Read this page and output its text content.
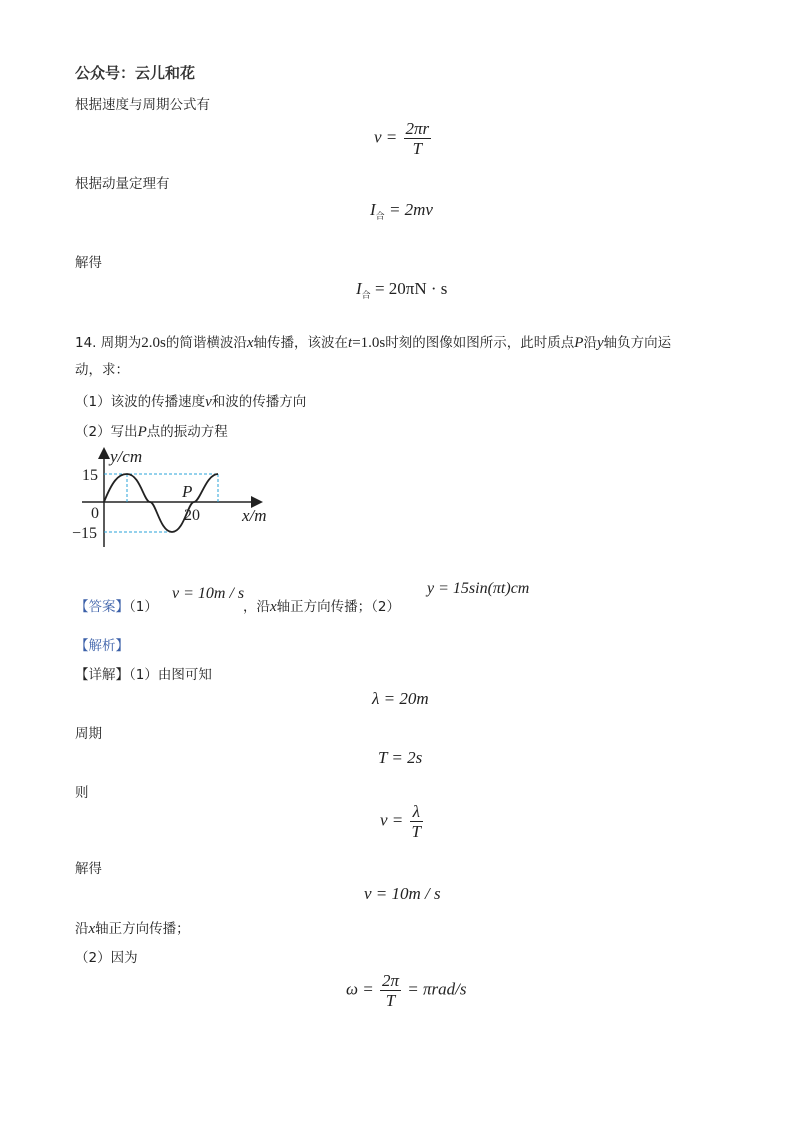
公众号：云儿和花
根据速度与周期公式有
$v = \frac{2\pi r}{T}$
根据动量定理有
$I_合 = 2mv$
解得
$I_合 = 20\pi N \cdot s$
14. 周期为2.0s的简谐横波沿x轴传播，该波在t=1.0s时刻的图像如图所示，此时质点P沿y轴负方向运
动，求：
（1）该波的传播速度v和波的传播方向
（2）写出P点的振动方程
y/cm
x/m
15
−15
0	20
P
【答案】（1）
v = 10m / s
，沿x轴正方向传播；（2）
y = 15sin(πt)cm
【解析】
【详解】（1）由图可知
λ = 20m
周期
T = 2s
则
$v = \frac{\lambda}{T}$
解得
v = 10m / s
沿x轴正方向传播；
（2）因为
$\omega = \frac{2\pi}{T} = \pi rad/s$
